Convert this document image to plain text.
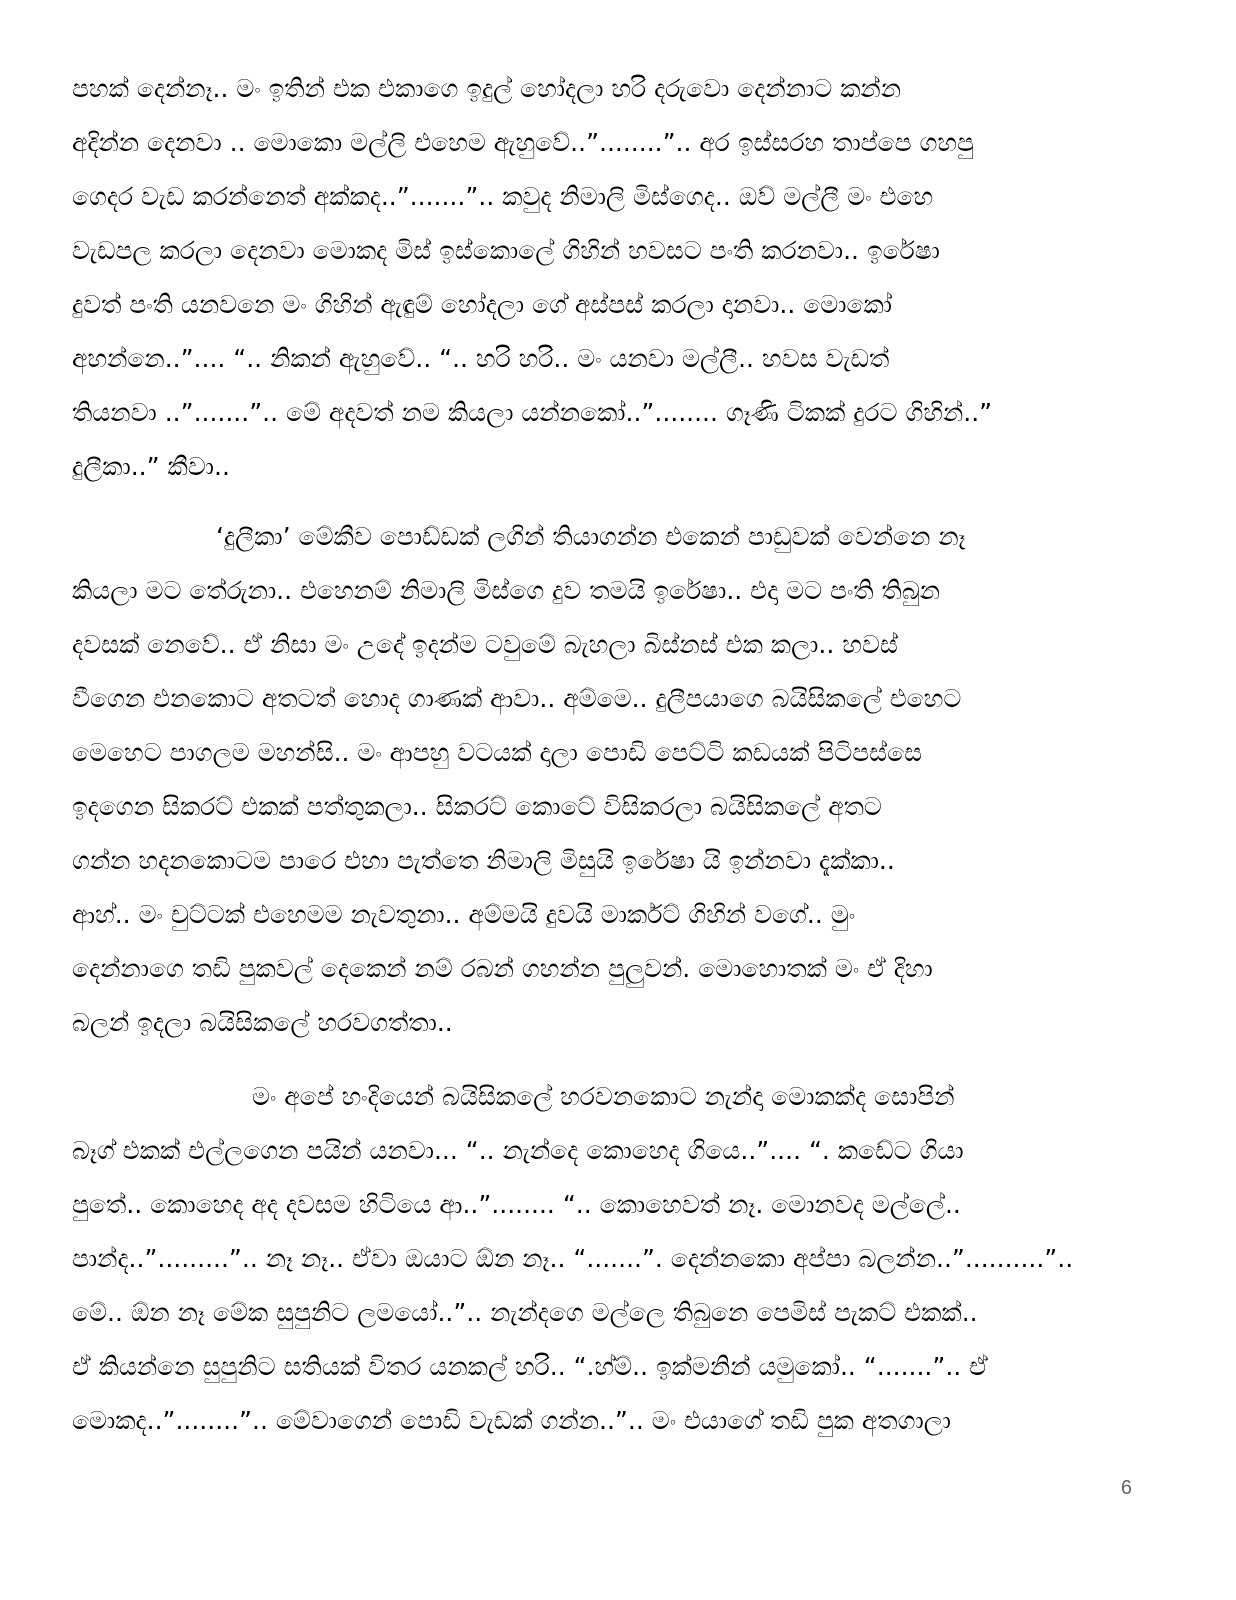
පහක් දෙන්නෑ.. මං ඉතින් එක එකාගෙ ඉදුල් හෝදලා හරි දරුවො දෙන්නාට කන්න
අදින්න දෙනවා .. මොකො මල්ලි එහෙම ඇහුවේ..”........”.. අර ඉස්සරහ තාප්පෙ ගහපු
ගෙදර වැඩ කරන්නෙත් අක්කද..”.......”.. කවුද නිමාලි මිස්ගෙද.. ඔව් මල්ලී මං එහෙ
වැඩපල කරලා දෙනවා මොකද මිස් ඉස්කොලේ ගිහින් හවසට පංති කරනවා.. ඉරේෂා
දුවත් පංති යනවනෙ මං ගිහින් ඇඳුම් හෝදලා ගේ අස්පස් කරලා දානවා.. මොකෝ
අහන්නෙ..”.... “.. නිකන් ඇහුවේ.. “.. හරි හරි.. මං යනවා මල්ලී.. හවස වැඩත්
තියනවා ..”.......”.. මේ අදවත් නම කියලා යන්නකෝ..”........ ගෑණි ටිකක් දුරට ගිහින්..”
දුලීකා..” කීවා..
‘දුලීකා’ මේකීව පොඩ්ඩක් ලගින් තියාගන්න එකෙන් පාඩුවක් වෙන්නෙ නෑ
කියලා මට තේරුනා.. එහෙනම් නිමාලි මිස්ගෙ දුව තමයි ඉරේෂා.. එදා මට පංති තිබුන
දවසක් නෙවේ.. ඒ නිසා මං උදේ ඉදන්ම ටවුමේ බැහලා බිස්නස් එක කලා.. හවස්
වීගෙන එනකොට අතටත් හොද ගාණක් ආවා.. අම්මෙ.. දුලීපයාගෙ බයිසිකලේ එහෙට
මෙහෙට පාගලම මහන්සි.. මං ආපහු වටයක් දාලා පොඩි පෙට්ටි කඩයක් පිටිපස්සෙ
ඉදගෙන සිකරට් එකක් පත්තුකලා.. සිකරට් කොටේ විසිකරලා බයිසිකලේ අතට
ගන්න හදනකොටම පාරෙ එහා පැත්තෙ නිමාලි මිසුයි ඉරේෂා යි ඉන්නවා දැක්කා..
ආහ්.. මං චුට්ටක් එහෙමම නැවතුනා.. අම්මයි දුවයි මාර්කට් ගිහින් වගේ.. මුං
දෙන්නාගෙ තඩි පුකවල් දෙකෙන් නම් රබන් ගහන්න පුලුවන්. මොහොතක් මං ඒ දිහා
බලන් ඉදලා බයිසිකලේ හරවගත්තා..
මං අපේ හංදියෙන් බයිසිකලේ හරවනකොට නැන්දා මොකක්ද සොපින්
බෑග් එකක් එල්ලගෙන පයින් යනවා... “.. නැන්දෙ කොහෙද ගියෙ..”.... “. කඩේට ගියා
පුතේ.. කොහෙද අද දවසම හිටියෙ ආ..”........ “.. කොහෙවත් නෑ. මොනවද මල්ලේ..
පාන්ද..”.........”.. නෑ නෑ.. ඒවා ඔයාට ඕන නෑ.. “.......”. දෙන්නකො අප්පා බලන්න..”..........”..
මේ.. ඕන නෑ මේක සුපුනිට ලමයෝ..”.. නැන්දගෙ මල්ලෙ තිබුනෙ පෙමිස් පැකට් එකක්..
ඒ කියන්නෙ සුපුනිට සතියක් විතර යනකල් හරි.. “.හ්ම්.. ඉක්මනින් යමුකෝ.. “.......”.. ඒ
මොකද..”........”.. මේවාගෙන් පොඩි වැඩක් ගන්න..”.. මං එයාගේ තඩි පුක අතගාලා
6
